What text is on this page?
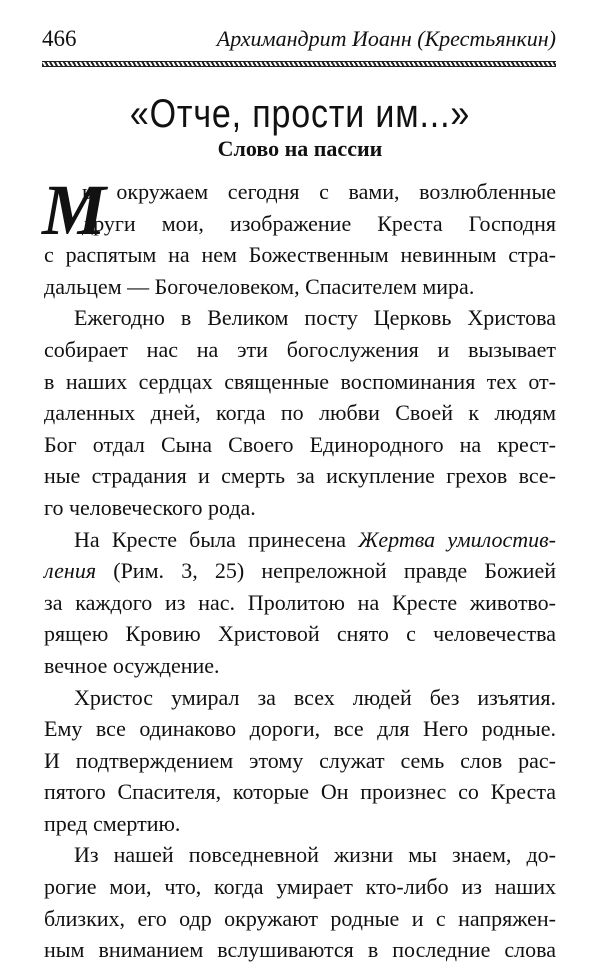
466	Архимандрит Иоанн (Крестьянкин)
«Отче, прости им...»
Слово на пассии
М
ы окружаем сегодня с вами, возлюбленные
други мои, изображение Креста Господня
с распятым на нем Божественным невинным стра-
дальцем — Богочеловеком, Спасителем мира.
Ежегодно в Великом посту Церковь Христова
собирает нас на эти богослужения и вызывает
в наших сердцах священные воспоминания тех от-
даленных дней, когда по любви Своей к людям
Бог отдал Сына Своего Единородного на крест-
ные страдания и смерть за искупление грехов все-
го человеческого рода.
На Кресте была принесена Жертва умилостив-
ления (Рим. 3, 25) непреложной правде Божией
за каждого из нас. Пролитою на Кресте животво-
рящею Кровию Христовой снято с человечества
вечное осуждение.
Христос умирал за всех людей без изъятия.
Ему все одинаково дороги, все для Него родные.
И подтверждением этому служат семь слов рас-
пятого Спасителя, которые Он произнес со Креста
пред смертию.
Из нашей повседневной жизни мы знаем, до-
рогие мои, что, когда умирает кто-либо из наших
близких, его одр окружают родные и с напряжен-
ным вниманием вслушиваются в последние слова
